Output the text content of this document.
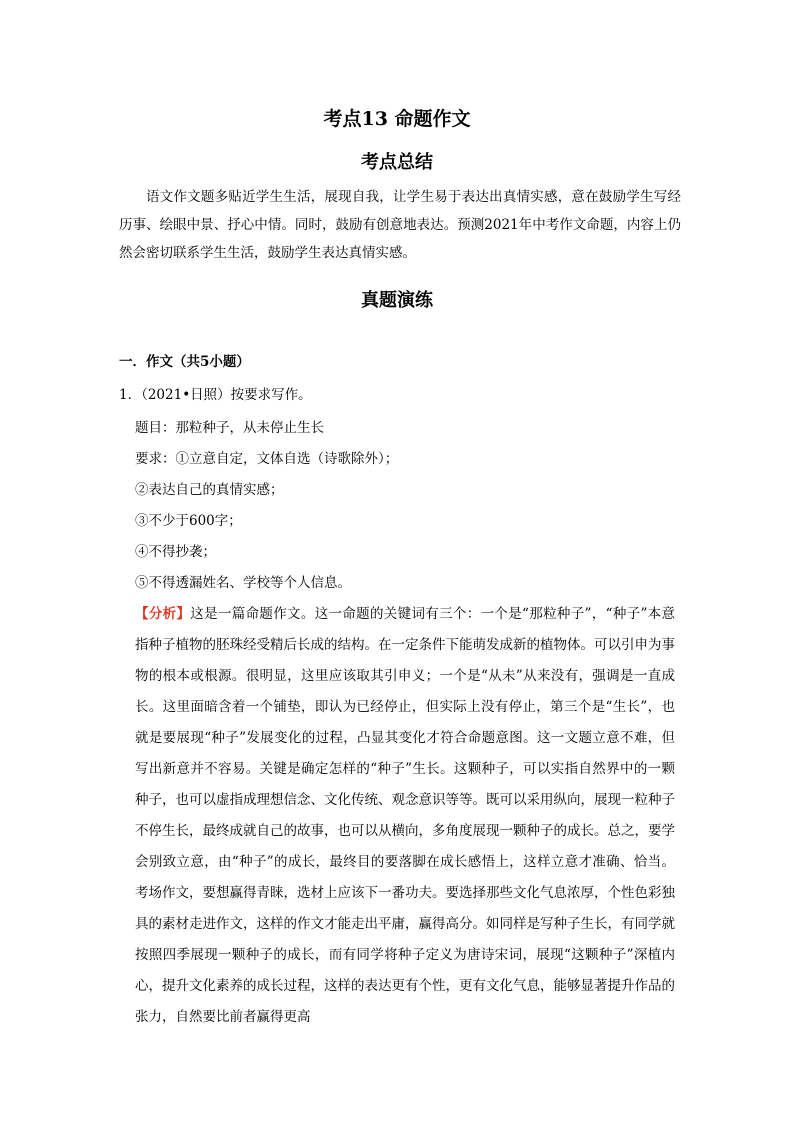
考点13 命题作文
考点总结

语文作文题多贴近学生生活，展现自我，让学生易于表达出真情实感，意在鼓励学生写经历事、绘眼中景、抒心中情。同时，鼓励有创意地表达。预测2021年中考作文命题，内容上仍然会密切联系学生生活，鼓励学生表达真情实感。

真题演练
一．作文（共5小题）
1．（2021•日照）按要求写作。
题目：那粒种子，从未停止生长
要求：①立意自定，文体自选（诗歌除外）；
②表达自己的真情实感；
③不少于600字；
④不得抄袭；
⑤不得透漏姓名、学校等个人信息。

【分析】这是一篇命题作文。这一命题的关键词有三个：一个是“那粒种子”，“种子”本意指种子植物的胚珠经受精后长成的结构。在一定条件下能萌发成新的植物体。可以引申为事物的根本或根源。很明显，这里应该取其引申义；一个是“从未”从来没有，强调是一直成长。这里面暗含着一个铺垫，即认为已经停止，但实际上没有停止，第三个是“生长”，也就是要展现“种子”发展变化的过程，凸显其变化才符合命题意图。这一文题立意不难，但写出新意并不容易。关键是确定怎样的“种子”生长。这颗种子，可以实指自然界中的一颗种子，也可以虚指成理想信念、文化传统、观念意识等等。既可以采用纵向，展现一粒种子不停生长，最终成就自己的故事，也可以从横向，多角度展现一颗种子的成长。总之，要学会别致立意，由“种子”的成长，最终目的要落脚在成长感悟上，这样立意才准确、恰当。考场作文，要想赢得青睐，选材上应该下一番功夫。要选择那些文化气息浓厚，个性色彩独具的素材走进作文，这样的作文才能走出平庸，赢得高分。如同样是写种子生长，有同学就按照四季展现一颗种子的成长，而有同学将种子定义为唐诗宋词，展现“这颗种子”深植内心，提升文化素养的成长过程，这样的表达更有个性，更有文化气息，能够显著提升作品的张力，自然要比前者赢得更高
